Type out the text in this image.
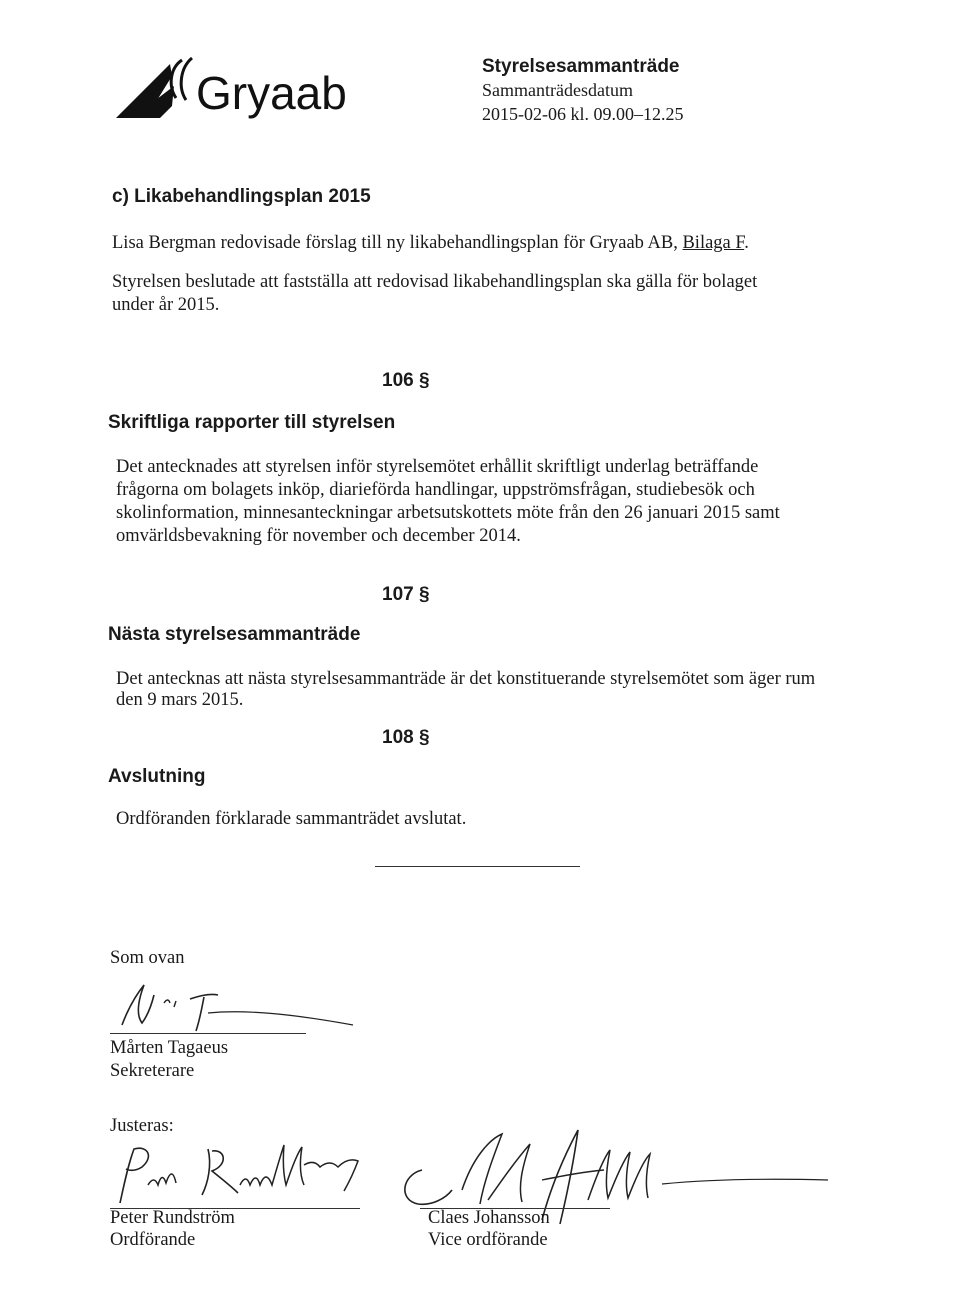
Gryaab
Styrelsesammanträde
Sammanträdesdatum
2015-02-06 kl. 09.00–12.25
c) Likabehandlingsplan 2015
Lisa Bergman redovisade förslag till ny likabehandlingsplan för Gryaab AB, Bilaga F.
Styrelsen beslutade att fastställa att redovisad likabehandlingsplan ska gälla för bolaget
under år 2015.
106 §
Skriftliga rapporter till styrelsen
Det antecknades att styrelsen inför styrelsemötet erhållit skriftligt underlag beträffande
frågorna om bolagets inköp, diarieförda handlingar, uppströmsfrågan, studiebesök och
skolinformation, minnesanteckningar arbetsutskottets möte från den 26 januari 2015 samt
omvärldsbevakning för november och december 2014.
107 §
Nästa styrelsesammanträde
Det antecknas att nästa styrelsesammanträde är det konstituerande styrelsemötet som äger rum
den 9 mars 2015.
108 §
Avslutning
Ordföranden förklarade sammanträdet avslutat.
Som ovan
Mårten Tagaeus
Sekreterare
Justeras:
Peter Rundström
Ordförande
Claes Johansson
Vice ordförande
